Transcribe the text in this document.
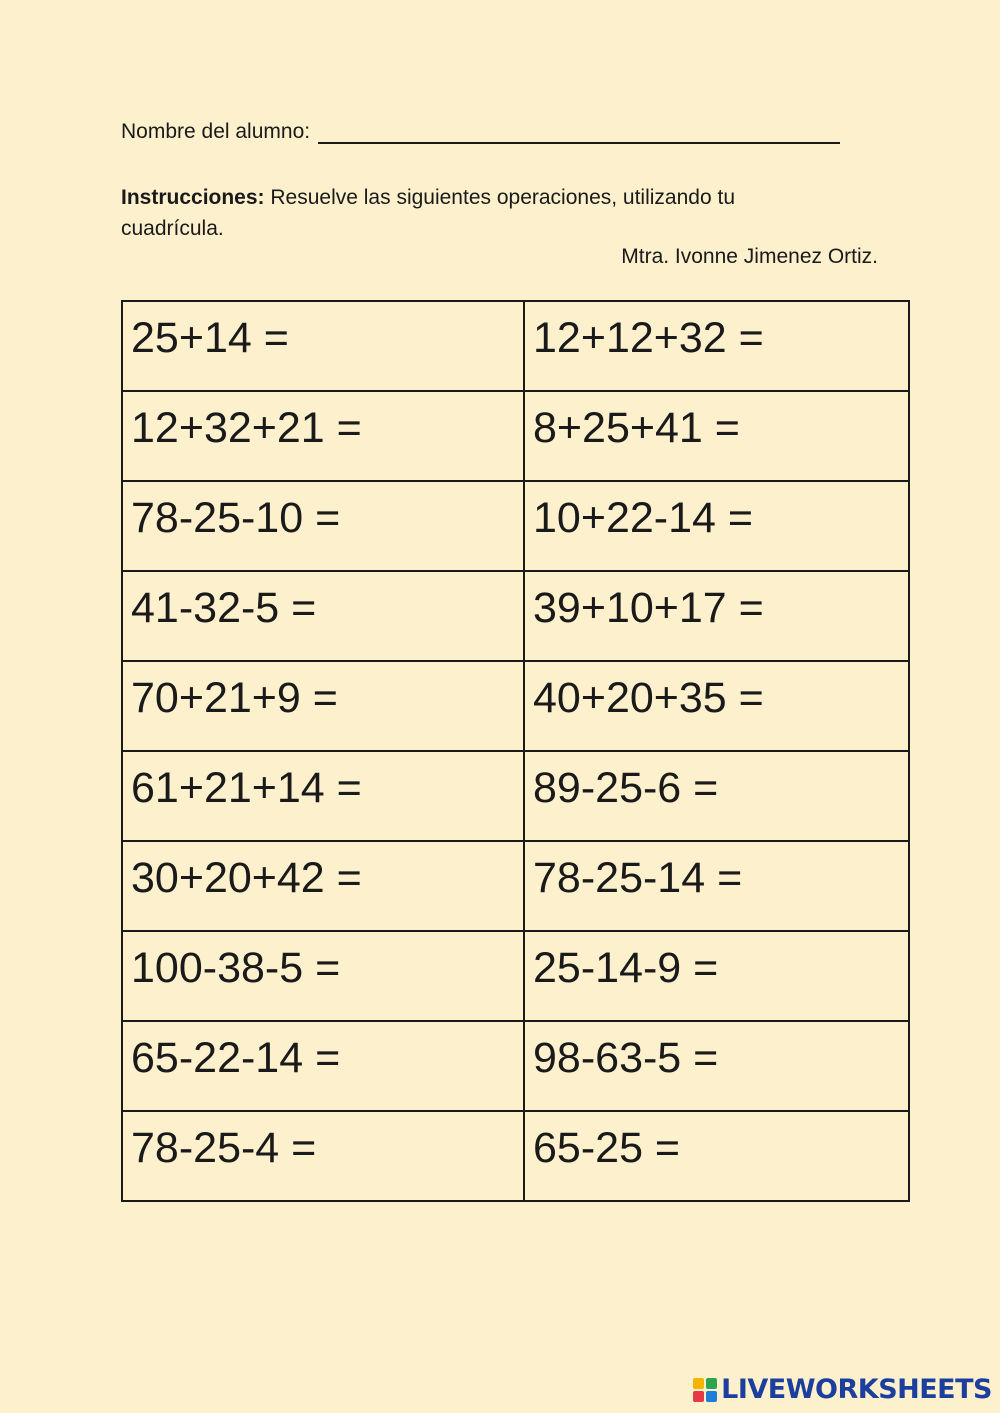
Nombre del alumno:
Instrucciones: Resuelve las siguientes operaciones, utilizando tu cuadrícula.
Mtra. Ivonne Jimenez Ortiz.
25+14 =	12+12+32 =
12+32+21 =	8+25+41 =
78-25-10 =	10+22-14 =
41-32-5 =	39+10+17 =
70+21+9 =	40+20+35 =
61+21+14 =	89-25-6 =
30+20+42 =	78-25-14 =
100-38-5 =	25-14-9 =
65-22-14 =	98-63-5 =
78-25-4 =	65-25 =
LIVEWORKSHEETS
